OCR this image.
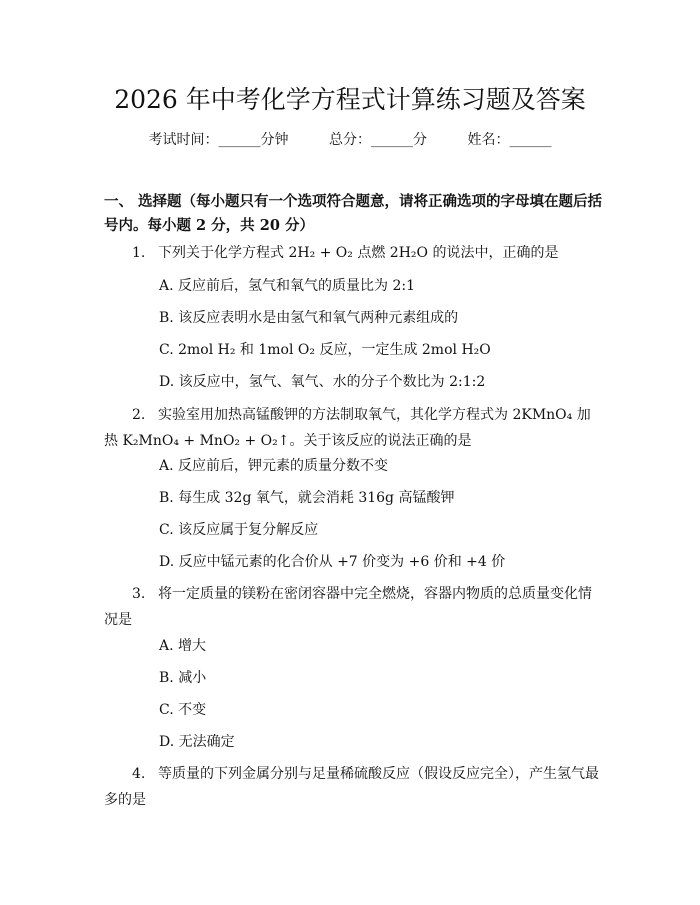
2026 年中考化学方程式计算练习题及答案
考试时间：______分钟	总分：______分	姓名：______
一、 选择题（每小题只有一个选项符合题意，请将正确选项的字母填在题后括号内。每小题 2 分，共 20 分）
1. 下列关于化学方程式 2H₂ + O₂ 点燃 2H₂O 的说法中，正确的是
A. 反应前后，氢气和氧气的质量比为 2:1
B. 该反应表明水是由氢气和氧气两种元素组成的
C. 2mol H₂ 和 1mol O₂ 反应，一定生成 2mol H₂O
D. 该反应中，氢气、氧气、水的分子个数比为 2:1:2
2. 实验室用加热高锰酸钾的方法制取氧气，其化学方程式为 2KMnO₄ 加热 K₂MnO₄ + MnO₂ + O₂↑。关于该反应的说法正确的是
A. 反应前后，钾元素的质量分数不变
B. 每生成 32g 氧气，就会消耗 316g 高锰酸钾
C. 该反应属于复分解反应
D. 反应中锰元素的化合价从 +7 价变为 +6 价和 +4 价
3. 将一定质量的镁粉在密闭容器中完全燃烧，容器内物质的总质量变化情况是
A. 增大
B. 减小
C. 不变
D. 无法确定
4. 等质量的下列金属分别与足量稀硫酸反应（假设反应完全），产生氢气最多的是
